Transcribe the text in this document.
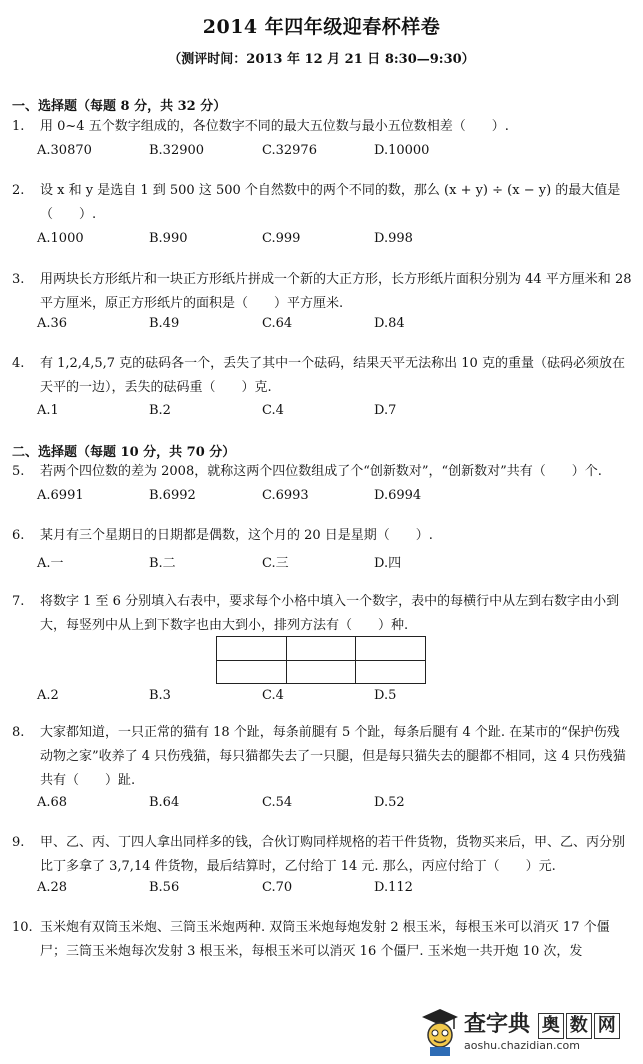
2014 年四年级迎春杯样卷
（测评时间：2013 年 12 月 21 日 8:30—9:30）
一、选择题（每题 8 分，共 32 分）
1.	用 0~4 五个数字组成的，各位数字不同的最大五位数与最小五位数相差（　　）.
A.30870	B.32900	C.32976	D.10000
2.	设 x 和 y 是选自 1 到 500 这 500 个自然数中的两个不同的数，那么 (x + y) ÷ (x − y) 的最大值是（　　）.
A.1000	B.990	C.999	D.998
3.	用两块长方形纸片和一块正方形纸片拼成一个新的大正方形，长方形纸片面积分别为 44 平方厘米和 28 平方厘米，原正方形纸片的面积是（　　）平方厘米.
A.36	B.49	C.64	D.84
4.	有 1,2,4,5,7 克的砝码各一个，丢失了其中一个砝码，结果天平无法称出 10 克的重量（砝码必须放在天平的一边），丢失的砝码重（　　）克.
A.1	B.2	C.4	D.7
二、选择题（每题 10 分，共 70 分）
5.	若两个四位数的差为 2008，就称这两个四位数组成了个“创新数对”，“创新数对”共有（　　）个.
A.6991	B.6992	C.6993	D.6994
6.	某月有三个星期日的日期都是偶数，这个月的 20 日是星期（　　）.
A.一	B.二	C.三	D.四
7.	将数字 1 至 6 分别填入右表中，要求每个小格中填入一个数字，表中的每横行中从左到右数字由小到大，每竖列中从上到下数字也由大到小，排列方法有（　　）种.

A.2	B.3	C.4	D.5
8.	大家都知道，一只正常的猫有 18 个趾，每条前腿有 5 个趾，每条后腿有 4 个趾. 在某市的“保护伤残动物之家”收养了 4 只伤残猫，每只猫都失去了一只腿，但是每只猫失去的腿都不相同，这 4 只伤残猫共有（　　）趾.
A.68	B.64	C.54	D.52
9.	甲、乙、丙、丁四人拿出同样多的钱，合伙订购同样规格的若干件货物，货物买来后，甲、乙、丙分别比丁多拿了 3,7,14 件货物，最后结算时，乙付给丁 14 元. 那么，丙应付给丁（　　）元.
A.28	B.56	C.70	D.112
10. 玉米炮有双筒玉米炮、三筒玉米炮两种. 双筒玉米炮每炮发射 2 根玉米，每根玉米可以消灭 17 个僵尸；三筒玉米炮每次发射 3 根玉米，每根玉米可以消灭 16 个僵尸. 玉米炮一共开炮 10 次，发
查字典 奥 数 网
aoshu.chazidian.com
